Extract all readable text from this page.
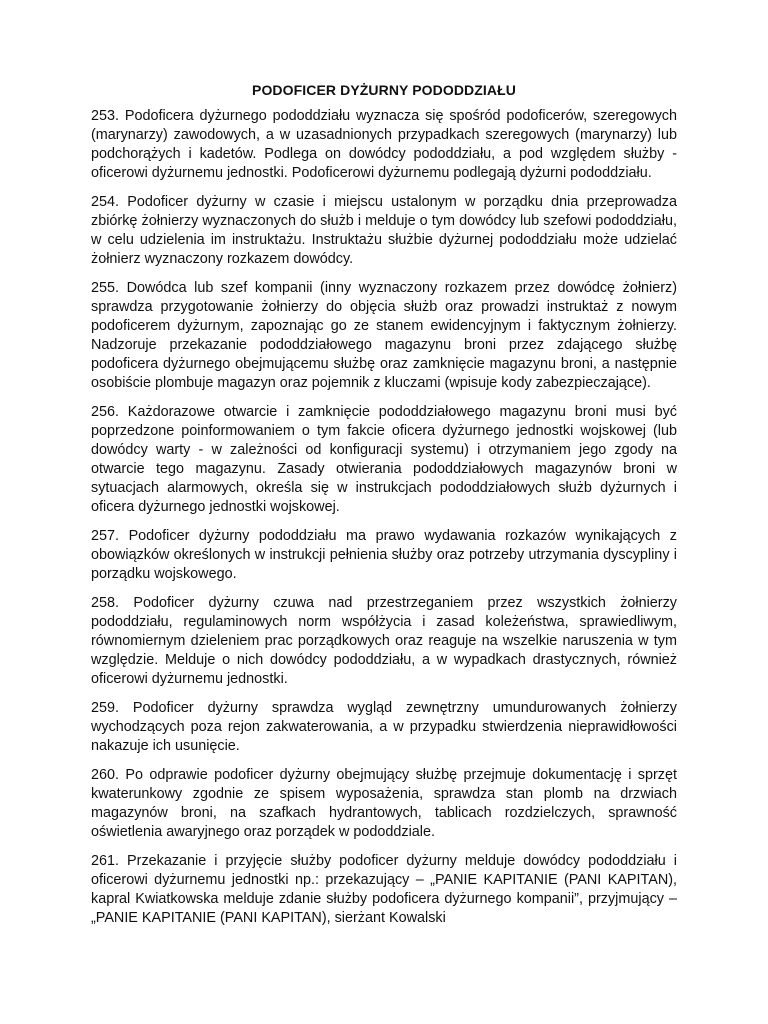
PODOFICER DYŻURNY PODODDZIAŁU

253. Podoficera dyżurnego pododdziału wyznacza się spośród podoficerów, szeregowych (marynarzy) zawodowych, a w uzasadnionych przypadkach szeregowych (marynarzy) lub podchorążych i kadetów. Podlega on dowódcy pododdziału, a pod względem służby - oficerowi dyżurnemu jednostki. Podoficerowi dyżurnemu podlegają dyżurni pododdziału.

254. Podoficer dyżurny w czasie i miejscu ustalonym w porządku dnia przeprowadza zbiórkę żołnierzy wyznaczonych do służb i melduje o tym dowódcy lub szefowi pododdziału, w celu udzielenia im instruktażu. Instruktażu służbie dyżurnej pododdziału może udzielać żołnierz wyznaczony rozkazem dowódcy.

255. Dowódca lub szef kompanii (inny wyznaczony rozkazem przez dowódcę żołnierz) sprawdza przygotowanie żołnierzy do objęcia służb oraz prowadzi instruktaż z nowym podoficerem dyżurnym, zapoznając go ze stanem ewidencyjnym i faktycznym żołnierzy. Nadzoruje przekazanie pododdziałowego magazynu broni przez zdającego służbę podoficera dyżurnego obejmującemu służbę oraz zamknięcie magazynu broni, a następnie osobiście plombuje magazyn oraz pojemnik z kluczami (wpisuje kody zabezpieczające).

256. Każdorazowe otwarcie i zamknięcie pododdziałowego magazynu broni musi być poprzedzone poinformowaniem o tym fakcie oficera dyżurnego jednostki wojskowej (lub dowódcy warty - w zależności od konfiguracji systemu) i otrzymaniem jego zgody na otwarcie tego magazynu. Zasady otwierania pododdziałowych magazynów broni w sytuacjach alarmowych, określa się w instrukcjach pododdziałowych służb dyżurnych i oficera dyżurnego jednostki wojskowej.

257. Podoficer dyżurny pododdziału ma prawo wydawania rozkazów wynikających z obowiązków określonych w instrukcji pełnienia służby oraz potrzeby utrzymania dyscypliny i porządku wojskowego.

258. Podoficer dyżurny czuwa nad przestrzeganiem przez wszystkich żołnierzy pododdziału, regulaminowych norm współżycia i zasad koleżeństwa, sprawiedliwym, równomiernym dzieleniem prac porządkowych oraz reaguje na wszelkie naruszenia w tym względzie. Melduje o nich dowódcy pododdziału, a w wypadkach drastycznych, również oficerowi dyżurnemu jednostki.

259. Podoficer dyżurny sprawdza wygląd zewnętrzny umundurowanych żołnierzy wychodzących poza rejon zakwaterowania, a w przypadku stwierdzenia nieprawidłowości nakazuje ich usunięcie.

260. Po odprawie podoficer dyżurny obejmujący służbę przejmuje dokumentację i sprzęt kwaterunkowy zgodnie ze spisem wyposażenia, sprawdza stan plomb na drzwiach magazynów broni, na szafkach hydrantowych, tablicach rozdzielczych, sprawność oświetlenia awaryjnego oraz porządek w pododdziale.

261. Przekazanie i przyjęcie służby podoficer dyżurny melduje dowódcy pododdziału i oficerowi dyżurnemu jednostki np.: przekazujący – „PANIE KAPITANIE (PANI KAPITAN), kapral Kwiatkowska melduje zdanie służby podoficera dyżurnego kompanii”, przyjmujący – „PANIE KAPITANIE (PANI KAPITAN), sierżant Kowalski
